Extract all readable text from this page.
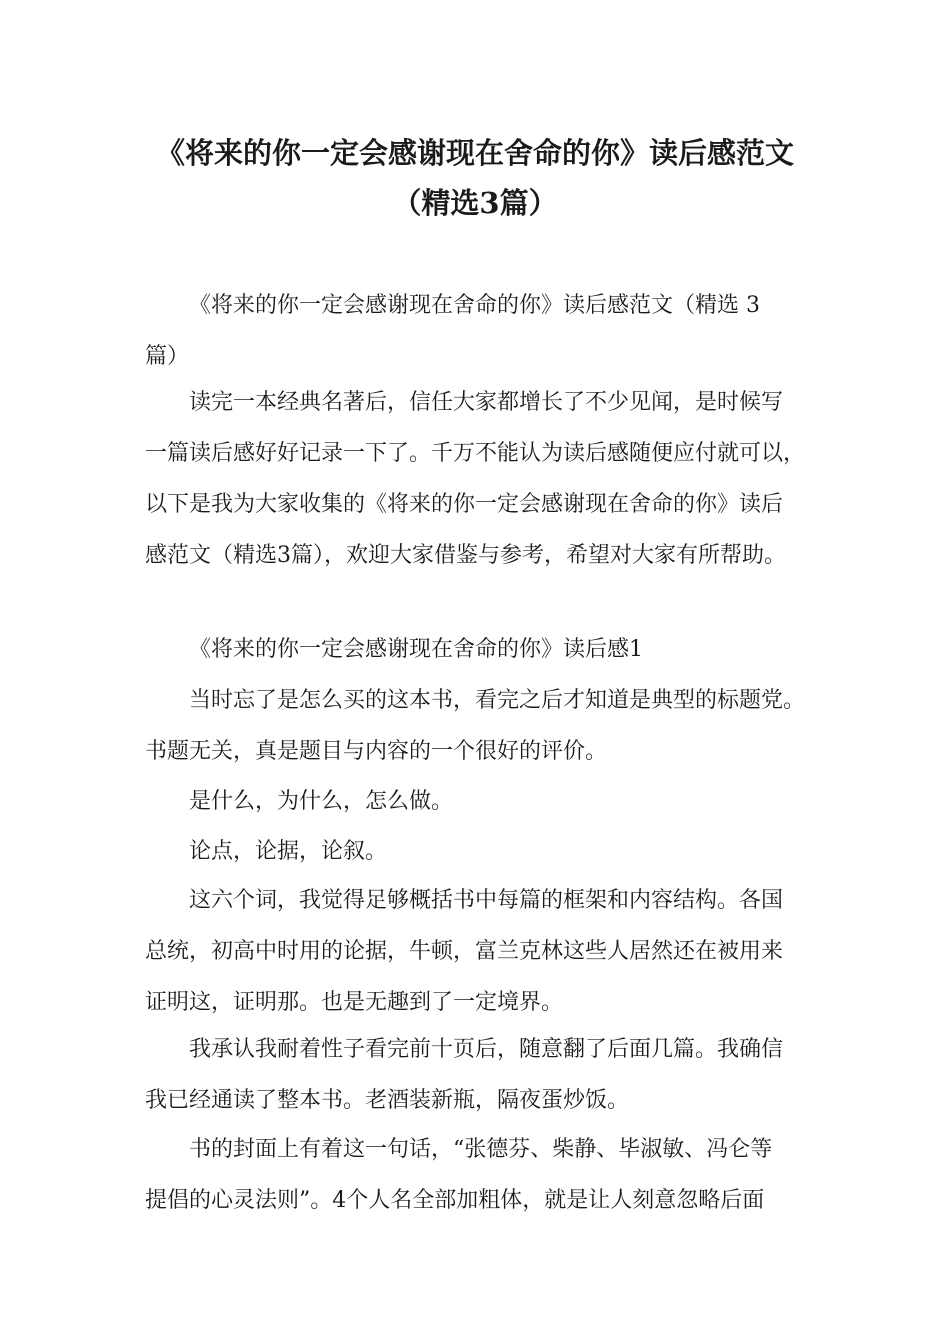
《将来的你一定会感谢现在舍命的你》读后感范文
（精选3篇）

《将来的你一定会感谢现在舍命的你》读后感范文（精选 3
篇）

读完一本经典名著后，信任大家都增长了不少见闻，是时候写
一篇读后感好好记录一下了。千万不能认为读后感随便应付就可以，
以下是我为大家收集的《将来的你一定会感谢现在舍命的你》读后
感范文（精选3篇），欢迎大家借鉴与参考，希望对大家有所帮助。

《将来的你一定会感谢现在舍命的你》读后感1

当时忘了是怎么买的这本书，看完之后才知道是典型的标题党。
书题无关，真是题目与内容的一个很好的评价。

是什么，为什么，怎么做。

论点，论据，论叙。

这六个词，我觉得足够概括书中每篇的框架和内容结构。各国
总统，初高中时用的论据，牛顿，富兰克林这些人居然还在被用来
证明这，证明那。也是无趣到了一定境界。

我承认我耐着性子看完前十页后，随意翻了后面几篇。我确信
我已经通读了整本书。老酒装新瓶，隔夜蛋炒饭。

书的封面上有着这一句话，“张德芬、柴静、毕淑敏、冯仑等
提倡的心灵法则”。4个人名全部加粗体，就是让人刻意忽略后面
